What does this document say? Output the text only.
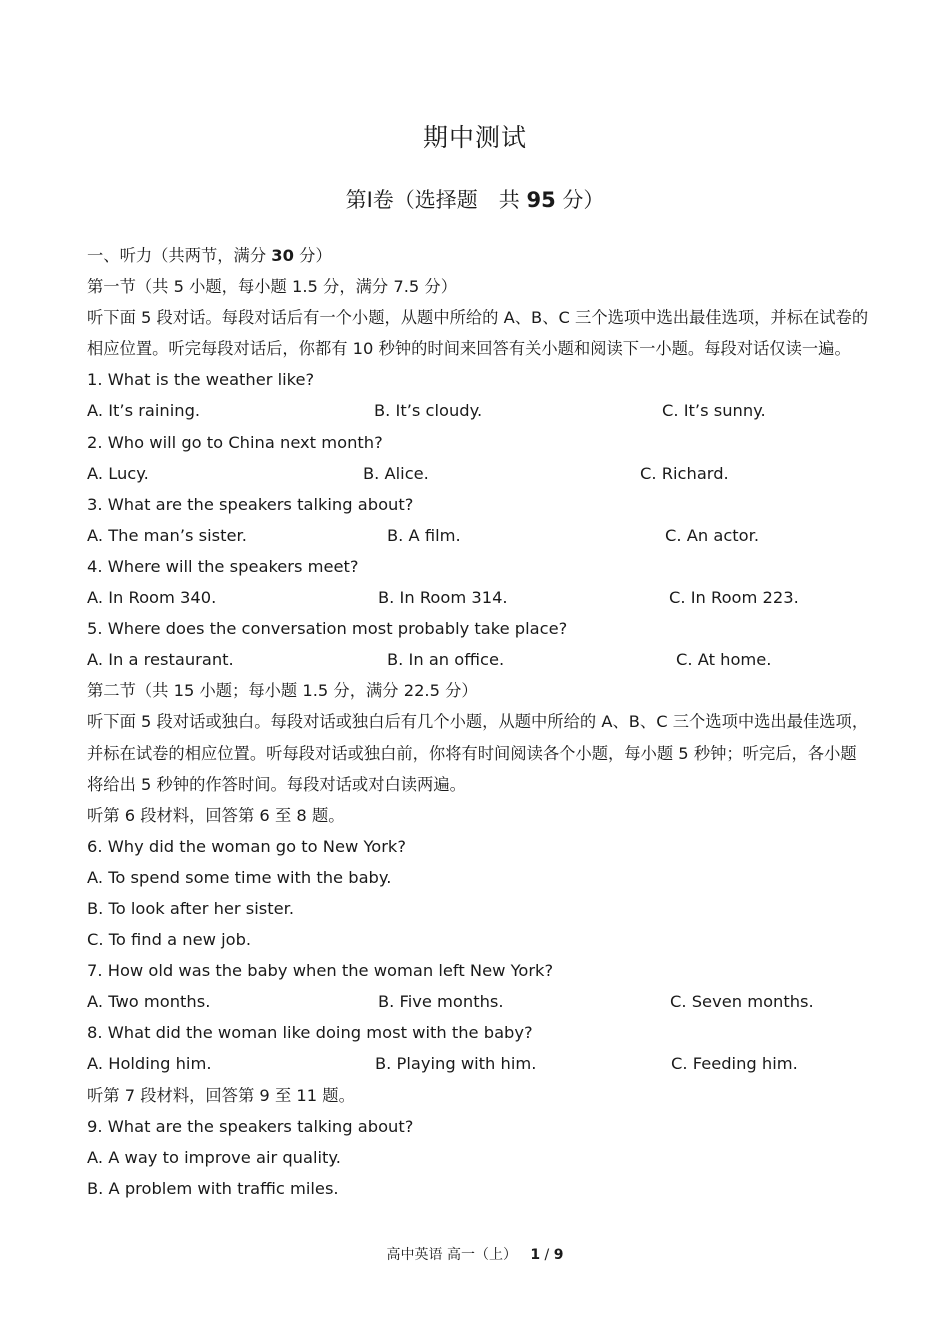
期中测试
第Ⅰ卷（选择题　共 95 分）
一、听力（共两节，满分 30 分）
第一节（共 5 小题，每小题 1.5 分，满分 7.5 分）
听下面 5 段对话。每段对话后有一个小题，从题中所给的 A、B、C 三个选项中选出最佳选项，并标在试卷的
相应位置。听完每段对话后，你都有 10 秒钟的时间来回答有关小题和阅读下一小题。每段对话仅读一遍。
1. What is the weather like?
A. It’s raining.	B. It’s cloudy.	C. It’s sunny.
2. Who will go to China next month?
A. Lucy.	B. Alice.	C. Richard.
3. What are the speakers talking about?
A. The man’s sister.	B. A film.	C. An actor.
4. Where will the speakers meet?
A. In Room 340.	B. In Room 314.	C. In Room 223.
5. Where does the conversation most probably take place?
A. In a restaurant.	B. In an office.	C. At home.
第二节（共 15 小题；每小题 1.5 分，满分 22.5 分）
听下面 5 段对话或独白。每段对话或独白后有几个小题，从题中所给的 A、B、C 三个选项中选出最佳选项，
并标在试卷的相应位置。听每段对话或独白前，你将有时间阅读各个小题，每小题 5 秒钟；听完后，各小题
将给出 5 秒钟的作答时间。每段对话或对白读两遍。
听第 6 段材料，回答第 6 至 8 题。
6. Why did the woman go to New York?
A. To spend some time with the baby.
B. To look after her sister.
C. To find a new job.
7. How old was the baby when the woman left New York?
A. Two months.	B. Five months.	C. Seven months.
8. What did the woman like doing most with the baby?
A. Holding him.	B. Playing with him.	C. Feeding him.
听第 7 段材料，回答第 9 至 11 题。
9. What are the speakers talking about?
A. A way to improve air quality.
B. A problem with traffic miles.
高中英语 高一（上） 1 / 9
